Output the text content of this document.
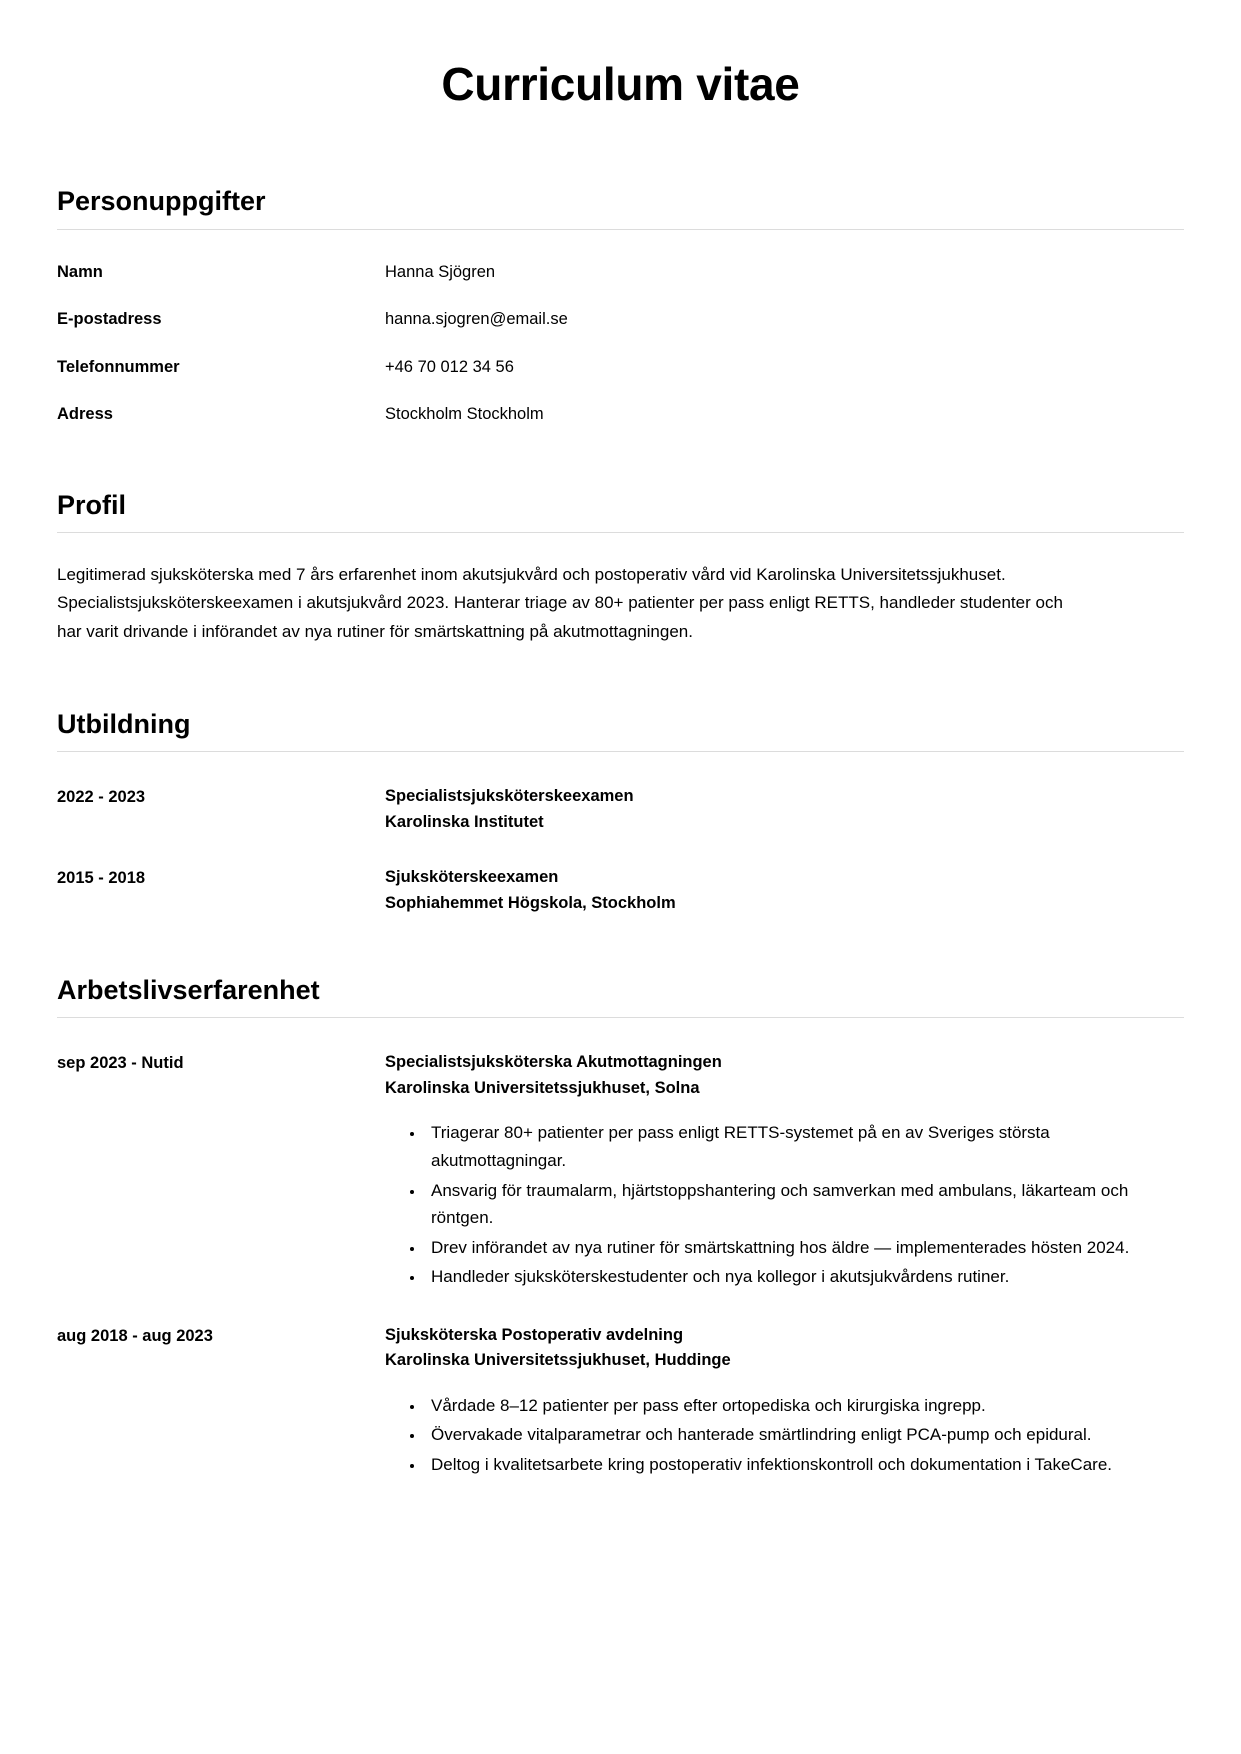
Curriculum vitae
Personuppgifter
Namn	Hanna Sjögren
E-postadress	hanna.sjogren@email.se
Telefonnummer	+46 70 012 34 56
Adress	Stockholm Stockholm
Profil

Legitimerad sjuksköterska med 7 års erfarenhet inom akutsjukvård och postoperativ vård vid Karolinska Universitetssjukhuset. Specialistsjuksköterskeexamen i akutsjukvård 2023. Hanterar triage av 80+ patienter per pass enligt RETTS, handleder studenter och har varit drivande i införandet av nya rutiner för smärtskattning på akutmottagningen.

Utbildning
2022 - 2023	Specialistsjuksköterskeexamen
Karolinska Institutet
2015 - 2018	Sjuksköterskeexamen
Sophiahemmet Högskola, Stockholm
Arbetslivserfarenhet
sep 2023 - Nutid	Specialistsjuksköterska Akutmottagningen
Karolinska Universitetssjukhuset, Solna
• Triagerar 80+ patienter per pass enligt RETTS-systemet på en av Sveriges största akutmottagningar.
• Ansvarig för traumalarm, hjärtstoppshantering och samverkan med ambulans, läkarteam och röntgen.
• Drev införandet av nya rutiner för smärtskattning hos äldre — implementerades hösten 2024.
• Handleder sjuksköterskestudenter och nya kollegor i akutsjukvårdens rutiner.
aug 2018 - aug 2023	Sjuksköterska Postoperativ avdelning
Karolinska Universitetssjukhuset, Huddinge
• Vårdade 8–12 patienter per pass efter ortopediska och kirurgiska ingrepp.
• Övervakade vitalparametrar och hanterade smärtlindring enligt PCA-pump och epidural.
• Deltog i kvalitetsarbete kring postoperativ infektionskontroll och dokumentation i TakeCare.
